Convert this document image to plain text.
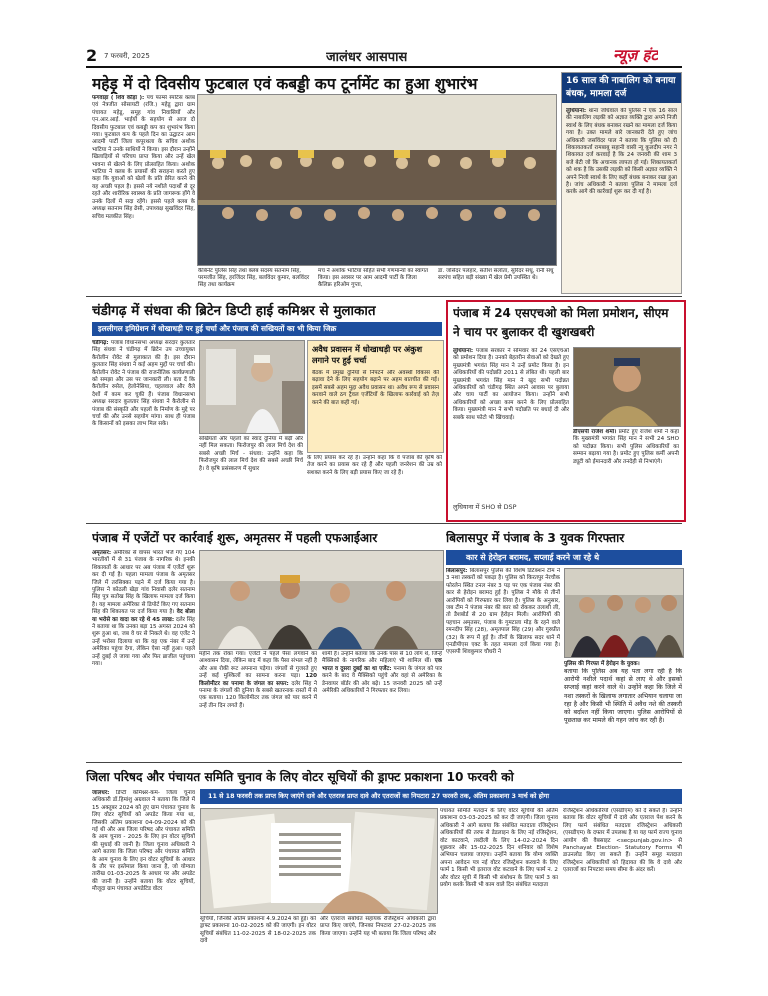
2 7 फरवरी, 2025	जालंधर आसपास	न्यूज़ हंट
महेड़ू में दो दिवसीय फुटबाल एवं कबड्डी कप टूर्नामेंट का हुआ शुभारंभ
फगवाड़ा ( शिव कौड़ा ): पंच फार्म्स स्पोर्टस क्लब एवं नेत्रजीत सोसायटी (रजि.) महेडू द्वारा ग्राम पंचायत महेडू, समूह गांव निवासियों और एन.आर.आई. भाईयों के सहयोग से आज दो दिवसीय फुटबाल एवं कबड्डी कप का शुभारंभ किया गया। फुटबाल कप के पहले दिन का उद्घाटन आम आदमी पार्टी जिला कपूरथला के सचिव अशोक भाटिया ने उनके साथियों ने किया। इस दौरान उन्होंने खिलाड़ियों से परिचय प्राप्त किया और उन्हें खेल भावना से खेलने के लिए प्रोत्साहित किया। अशोक भाटिया ने क्लब के प्रयासों की सराहना करते हुए कहा कि युवाओं को खेलों के प्रति प्रेरित करने की यह अच्छी पहल है। इससे नये नशीले पदार्थों से दूर रहते और शारीरिक स्वास्थ्य के प्रति जागरूक होंगे वे उनके दिलों में सदा रहेंगे। इससे पहले क्लब के अध्यक्ष सतनाम सिंह ढेसी, उपाध्यक्ष सुखविंदर सिंह, सचिव मलकीत सिंह।
कैबिनेट पुलिस सिंह तथा क्लब सदस्य सतनाम सिंह, परमजीत सिंह, हरजिंदर सिंह, बलविंदर कुमार, बलविंदर सिंह तथा कार्यक्रम
मंच ने अशोक भाटिया सहित सभी गणमान्यों का स्वागत किया। इस अवसर पर आम आदमी पार्टी के जिला कैलिफ्र हरिओम गुप्ता,
डा. जसिंदर पलहार, सतीश सलोता, सुरिंदर संधू, रानी संधू सरपंच सहित बड़ी संख्या में खेल प्रेमी उपस्थित थे।
16 साल की नाबालिग को बनाया बंधक, मामला दर्ज
लुधियाना: थाना जोधेवाल की पुलिस ने एक 16 साल की नाबालिग लड़की को अज्ञात व्यक्ति द्वारा अपने निजी स्वार्थ के लिए बंधक बनाकर रखने का मामला दर्ज किया गया है। उक्त मामले बारे जानकारी देते हुए जांच अधिकारी जसविंदर पाल ने बताया कि पुलिस को दी शिकायतकर्ता रामबाबू सहानी वासी न्यू कुलदीप नगर ने शिकायत दर्ज करवाई है कि 24 जनवरी की शाम 3 बजे बेटी जो कि अचानक लापता हो गई। शिकायतकर्ता को शक है कि उसकी लड़की को किसी अज्ञात व्यक्ति ने अपने निजी स्वार्थ के लिए कहीं बंधक बनाकर रखा हुआ है। जांच अधिकारी ने बताया पुलिस ने मामला दर्ज करके आगे की कार्रवाई शुरू कर दी गई है।
चंडीगढ़ में संधवा की ब्रिटेन डिप्टी हाई कमिश्नर से मुलाकात
इललीगल इमिग्रेशन में धोखाधड़ी पर हुई चर्चा और पंजाब की सखियतों का भी किया जिक्र
चंडीगढ़: पंजाब विधानसभा अध्यक्ष सरदार कुलतार सिंह संधवा ने चंडीगढ़ में ब्रिटेन उप उच्चायुक्त कैरोलीन रोवेट से मुलाकात की है। इस दौरान कुलतार सिंह संधवा ने कई अहम मुद्दों पर चर्चा की। कैरोलीन रोवेट ने पंजाब की राजनीतिक कार्यप्रणाली को समझा और उस पर जानकारी ली। बता दें कि कैरोलीन रुसेल, हेलोनेसिया, चहलवाल और वैले देशों में काम कर चुकी हैं। पंजाब विधानसभा अध्यक्ष सरदार कुलतार सिंह संधवा ने कैरोलीन से पंजाब की संस्कृति और पहलों के निर्माण के मुद्दे पर चर्चा की और उनसे सहयोग मांगा। साथ ही पंजाब के किसानों को इसका लाभ मिल सके।
अवैध प्रवासन में धोखाधड़ी पर अंकुश लगाने पर हुई चर्चा
बैठक में प्रमुख दुनियाँ से निपटने और अवस्थी विकास की बढ़ावा देने के लिए सहयोग बढ़ाने पर अहम बातचीत की गई। इसमें सबसे अहम मुद्दा अवैध प्रवासन था। अवैध रूप से प्रवासन करवाने वाले ठग ट्रैवल एजेंटियों के खिलाफ कार्रवाई को तेज़ करने की बात कही गई।
सखियतों और पहलों का स्वाद दुनिया में बढ़ी और नहीं मिल सकता। फिरोजपुर की लाल मिर्च देश की सबसे अच्छी मिर्च - संधवा: उन्होंने कहा कि फिरोजपुर की लाल मिर्च देश की सबसे अच्छी मिर्च है। वे कृषि प्रसंस्करण में सुधार
के लिए प्रयास कर रहे हैं। उन्होंने कहा कि वे पंजाब की कृषि को तेज करने का प्रयास कर रहे हैं और पहली जनरेशन की उम्र को सशक्त करने के लिए बड़ी प्रयास किए जा रहे हैं।
पंजाब में 24 एसएचओ को मिला प्रमोशन, सीएम ने चाय पर बुलाकर दी खुशखबरी
लुधियाना: पंजाब सरकार ने सोमवार को 24 एसएचओ को प्रमोशन दिया है। उनको बेहतरीन सेवाओं को देखते हुए मुख्यमंत्री भगवंत सिंह मान ने उन्हें प्रमोट किया है। इन अधिकारियों की पदोन्नति 2011 से लंबित थी। पहली बार मुख्यमंत्री भगवंत सिंह मान ने खुद सभी पदोन्नत अधिकारियों को चंडीगढ़ स्थित अपने आवास पर बुलाया और चाय पार्टी का आयोजन किया। उन्होंने सभी अधिकारियों को अच्छा काम करने के लिए प्रोत्साहित किया। मुख्यमंत्री मान ने सभी पदोन्नति पर बधाई दी और सबके साथ फोटो भी खिंचवाई।
डीएसपी राजेश शर्मा। प्रमोट हुए राजेश शर्मा ने कहा कि मुख्यमंत्री भगवंत सिंह मान ने सभी 24 SHO को पदोन्नत किया। सभी पुलिस अधिकारियों का सम्मान बढ़ाया गया है। प्रमोट हुए पुलिस कर्मी अपनी ड्यूटी को ईमानदारी और तनदेही से निभाएंगे।
लुधियाना में SHO से DSP
पंजाब में एजेंटों पर कार्रवाई शुरू, अमृतसर में पहली एफआईआर
अमृतसर: अमेरिका से वापस भारत भेजे गए 104 भारतीयों में से 31 पंजाब के नागरिक थे। इनकी शिकायतों के आधार पर अब पंजाब में एजेंटों शुरू कर दी गई है। पहला मामला पंजाब के अमृतसर जिले में तरसिक्का पड़ने में दर्ज किया गया है। पुलिस ने कोठली खेड़ा गांव निवासी दलेर सतनाम सिंह पुत्र सतोख सिंह के खिलाफ मामला दर्ज किया है। यह मामला अमेरिका से डिपोर्ट किए गए सतनाम सिंह की शिकायत पर दर्ज किया गया है। वेद बोला या भरोसे का वादा कर रहे थे 45 लाख: दलेर सिंह ने बताया था कि उनका बड़ा 15 अगस्त 2024 को शुरू हुआ था, जब वे घर से निकले थे। वह एजेंट ने उन्हें भरोसा दिलाया था कि वह एक नंबर में उन्हें अमेरिका पहुंचा देगा, लेकिन ऐसा नहीं हुआ। पहले उन्हें दुबई ले जाया गया और फिर ब्राजील पहुंचाया गया।
महीने तक रोका गया। एजेंटों ने पहले पैसा लगवाने का आश्वासन दिया, लेकिन बाद में कहा कि पैसा संभल नहीं है और अब रोकी रूट अपनाना पड़ेगा। जंगलों से गुजरते हुए उन्हें कई मुश्किलों का सामना करना पड़ा। 120 किलोमीटर का पनामा के जंगल का सफर: दलेर सिंह ने पनामा के जंगलों की दुनिया के सबसे खतरनाक रास्तों में से एक बताया। 120 किलोमीटर तक जंगल को पार करने में उन्हें तीन दिन लगते हैं।
शामी है। उन्होंने बताया कि उनके पास से 10 लॉग थे, जिन्हें मैक्सिको के नागरिक और महिलाएं भी शामिल थीं। एक भारत व दूसरा दुबई का था एजेंट: पनामा के जंगल को पार करने के बाद वे मैक्सिको पहुंचे और वहां से अमेरिका के डेनवायर बॉर्डर की ओर बढ़े। 15 जनवरी 2025 को उन्हें अमेरिकी अधिकारियों ने गिरफ्तार कर लिया।
बिलासपुर में पंजाब के 3 युवक गिरफ्तार
कार से हेरोइन बरामद, सप्लाई करने जा रहे थे
बिलासपुर: बिलासपुर पुलिस की विशेष डिटेक्शन टीम ने 3 नशा तस्करों को पकड़ा है। पुलिस को किरतपुर नेरचौक फोरलेन स्थित टनल नंबर 3 पड़ पर एक पंजाब नंबर की कार से हेरोइन बरामद हुई है। पुलिस ने मौके से तीनों आरोपियों को गिरफ्तार कर लिया है। पुलिस के अनुसार, जब टीम ने पंजाब नंबर की कार को रोककर तलाशी ली, तो डैशबोर्ड से 20 ग्राम हेरोइन मिली। आरोपियों की पहचान अमृतसर, पंजाब के गुमटाला मोड़ के रहने वाले रमनदीप सिंह (28), अमृतपाल सिंह (29) और गुरुप्रीत (32) के रूप में हुई है। तीनों के खिलाफ सदर थाने में एनडीपीएस एक्ट के तहत मामला दर्ज किया गया है। एएसपी शिवकुमार चौधरी ने
पुलिस की गिरफ्त में हेरोइन के युवक।
बताया कि पुलिस अब यह पता लगा रही है कि आरोपी नशीले पदार्थ कहां से लाए थे और इसको सप्लाई कहां करने वाले थे। उन्होंने कहा कि जिले में नशा तस्करों के खिलाफ लगातार अभियान चलाया जा रहा है और किसी भी स्थिति में अवैध नशे की तस्करी को बर्दाश्त नहीं किया जाएगा। पुलिस आरोपियों से पूछताछ कर मामले की गहन जांच कर रही है।
जिला परिषद और पंचायत समिति चुनाव के लिए वोटर सूचियों की ड्राफ्ट प्रकाशना 10 फरवरी को
11 से 18 फरवरी तक प्राप्त किए जाएंगे दावे और एतराज प्राप्त दावे और एतराजों का निपटारा 27 फरवरी तक, अंतिम प्रकाशना 3 मार्च को होगा
जालंधर: डिप्टी कमिश्नर-कम- जिला चुनाव अधिकारी डॉ.हिमांशु अग्रवाल ने बताया कि जिले में 15 अक्तूबर 2024 को हुए ग्राम पंचायत चुनाव के लिए वोटर सूचियों को अपडेट किया गया था, जिसकी अंतिम प्रकाशना 04-09-2024 को की गई थी और अब जिला परिषद और पंचायत समिति के आम चुनाव - 2025 के लिए इन वोटर सूचियों की सुधाई की जानी है। जिला चुनाव अधिकारी ने आगे बताया कि जिला परिषद और पंचायत समिति के आम चुनाव के लिए इन वोटर सूचियों के आधार के तौर पर इस्तेमाल किया जाना है, जो योग्यता तारीख 01-03-2025 के आधार पर और अपडेट की जानी है। उन्होंने बताया कि वोटर सूचियों, मौजूदा ग्राम पंचायत अपडेटिड वोटर
सूचियों, जिनकी अंतिम प्रकाशना 4.9.2024 को हुई। को ड्राफ्ट प्रकाशना 10-02-2025 को की जाएगी। इन वोटर सूचियों संबंधित 11-02-2025 से 18-02-2025 तक दावे
और एतराज संबंधित सहायक रजिस्ट्रेशन अधिकारी द्वारा प्राप्त किए जाएंगे, जिनका निपटारा 27-02-2025 तक किया जाएगा। उन्होंने यह भी बताया कि जिला परिषद और
पंचायत समिति मतदान के लिए वोटर सूचियों की अंतिम प्रकाशना 03-03-2025 को कर दी जाएगी। जिला चुनाव अधिकारी ने आगे बताया कि संबंधित मतदाता रजिस्ट्रेशन अधिकारियों की तरफ से डेडलाइन के लिए नई रजिस्ट्रेशन, वोट काटवाने, तब्दीली के लिए 14-02-2024 दिन शुक्रवार और 15-02-2025 दिन शनिवार को विशेष अभियान चलाया जाएगा। उन्होंने बताया कि योग्य व्यक्ति अपना आवेदन पत्र नई वोटर रजिस्ट्रेशन करवाने के लिए फार्म 1 किसी भी इतराज वोट कटवाने के लिए फार्म न. 2 और वोटर सूची में किसी भी संशोधन के लिए फार्म 3 का प्रयोग करके किसी भी काम वाले दिन संबंधित मतदाता
रजिस्ट्रेशन अधिकारियों (एसडीएम) को दे सकते हैं। उन्होंने बताया कि वोटर सूचियों में दावे और एतराज पेश करने के लिए फार्म संबंधित मतदाता रजिस्ट्रेशन अधिकारी (एसडीएम) के दफ्तर में उपलब्ध है या यह फार्म राज्य चुनाव आयोग की वैबसाइट <secpunjab.gov.in> से Panchayat Election- Statutory Forms भी डाउनलोड किए जा सकते हैं। उन्होंने समूह मतदाता रजिस्ट्रेशन अधिकारियों को हिदायत की कि वे दावे और एतराजों का निपटारा समय सीमा के अंदर करें।
